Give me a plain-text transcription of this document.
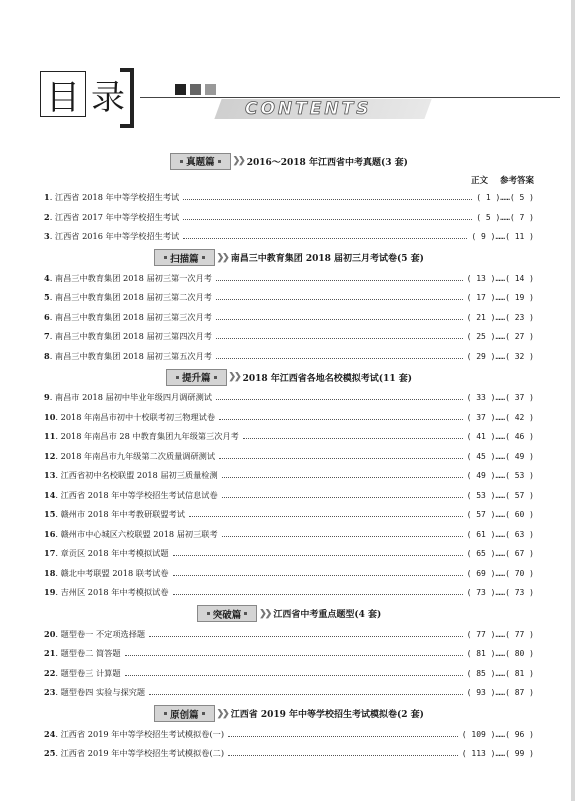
目 录	CONTENTS
真题篇 ❯❯ 2016～2018 年江西省中考真题(3 套)
正文 参考答案
1. 江西省 2018 年中等学校招生考试	( 1 )……( 5 )
2. 江西省 2017 年中等学校招生考试	( 5 )……( 7 )
3. 江西省 2016 年中等学校招生考试	( 9 )……( 11 )
扫描篇 ❯❯ 南昌三中教育集团 2018 届初三月考试卷(5 套)
4. 南昌三中教育集团 2018 届初三第一次月考	( 13 )……( 14 )
5. 南昌三中教育集团 2018 届初三第二次月考	( 17 )……( 19 )
6. 南昌三中教育集团 2018 届初三第三次月考	( 21 )……( 23 )
7. 南昌三中教育集团 2018 届初三第四次月考	( 25 )……( 27 )
8. 南昌三中教育集团 2018 届初三第五次月考	( 29 )……( 32 )
提升篇 ❯❯ 2018 年江西省各地名校模拟考试(11 套)
9. 南昌市 2018 届初中毕业年级四月调研测试	( 33 )……( 37 )
10. 2018 年南昌市初中十校联考初三物理试卷	( 37 )……( 42 )
11. 2018 年南昌市 28 中教育集团九年级第三次月考	( 41 )……( 46 )
12. 2018 年南昌市九年级第二次质量调研测试	( 45 )……( 49 )
13. 江西省初中名校联盟 2018 届初三质量检测	( 49 )……( 53 )
14. 江西省 2018 年中等学校招生考试信息试卷	( 53 )……( 57 )
15. 赣州市 2018 年中考教研联盟考试	( 57 )……( 60 )
16. 赣州市中心城区六校联盟 2018 届初三联考	( 61 )……( 63 )
17. 章贡区 2018 年中考模拟试题	( 65 )……( 67 )
18. 赣北中考联盟 2018 联考试卷	( 69 )……( 70 )
19. 吉州区 2018 年中考模拟试卷	( 73 )……( 73 )
突破篇 ❯❯ 江西省中考重点题型(4 套)
20. 题型卷一 不定项选择题	( 77 )……( 77 )
21. 题型卷二 简答题	( 81 )……( 80 )
22. 题型卷三 计算题	( 85 )……( 81 )
23. 题型卷四 实验与探究题	( 93 )……( 87 )
原创篇 ❯❯ 江西省 2019 年中等学校招生考试模拟卷(2 套)
24. 江西省 2019 年中等学校招生考试模拟卷(一)	( 109 )……( 96 )
25. 江西省 2019 年中等学校招生考试模拟卷(二)	( 113 )……( 99 )
